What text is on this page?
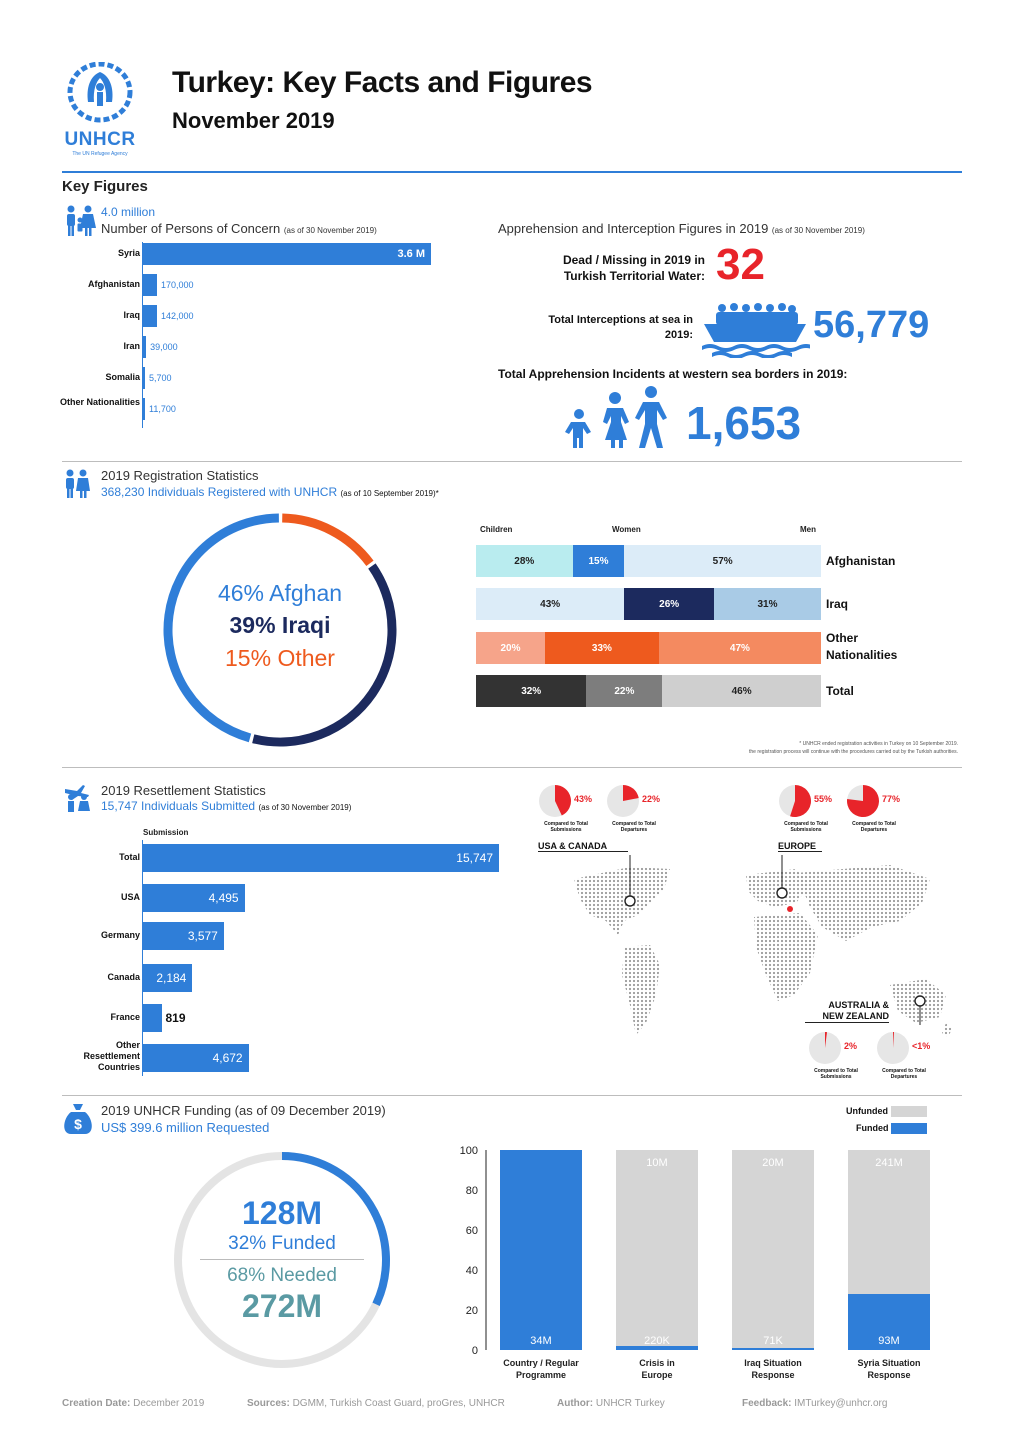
UNHCR
The UN Refugee Agency
Turkey: Key Facts and Figures
November 2019
Key Figures
4.0 million
Number of Persons of Concern (as of 30 November 2019)
Syria	3.6 M
Afghanistan 170,000
Iraq 142,000
Iran 39,000
Somalia 5,700
Other Nationalities
11,700
Apprehension and Interception Figures in 2019 (as of 30 November 2019)
Dead / Missing in 2019 in Turkish Territorial Water: 32
Total Interceptions at sea in 2019:	56,779
Total Apprehension Incidents at western sea borders in 2019:
1,653
2019 Registration Statistics
368,230 Individuals Registered with UNHCR (as of 10 September 2019)*
46% Afghan
39% Iraqi
15% Other
Children	Women	Men
28%	15%	57%	Afghanistan
43%	26%	31%	Iraq
20%	33%	47%
Other Nationalities
32%	22%	46%	Total
* UNHCR ended registration activities in Turkey on 10 September 2019.
the registration process will continue with the procedures carried out by the Turkish authorities.
2019 Resettlement Statistics
15,747 Individuals Submitted (as of 30 November 2019)
Submission
Total	15,747
USA	4,495
Germany	3,577
Canada	2,184
France 819
Other Resettlement Countries
4,672
43%
Compared to Total Submissions
22%
Compared to Total Departures
55%
Compared to Total Submissions
77%
Compared to Total Departures
2%
Compared to Total Submissions
<1%
Compared to Total Departures
USA & CANADA	EUROPE
AUSTRALIA & NEW ZEALAND
$
2019 UNHCR Funding (as of 09 December 2019)
US$ 399.6 million Requested
128M
32% Funded
68% Needed
272M
Unfunded
Funded
0
20
40
60
80
100
34M
Country / Regular
Programme
10M
220K
Crisis in
Europe
20M
71K
Iraq Situation
Response
241M
93M
Syria Situation
Response
Creation Date: December 2019	Sources: DGMM, Turkish Coast Guard, proGres, UNHCR	Author: UNHCR Turkey	Feedback: IMTurkey@unhcr.org
